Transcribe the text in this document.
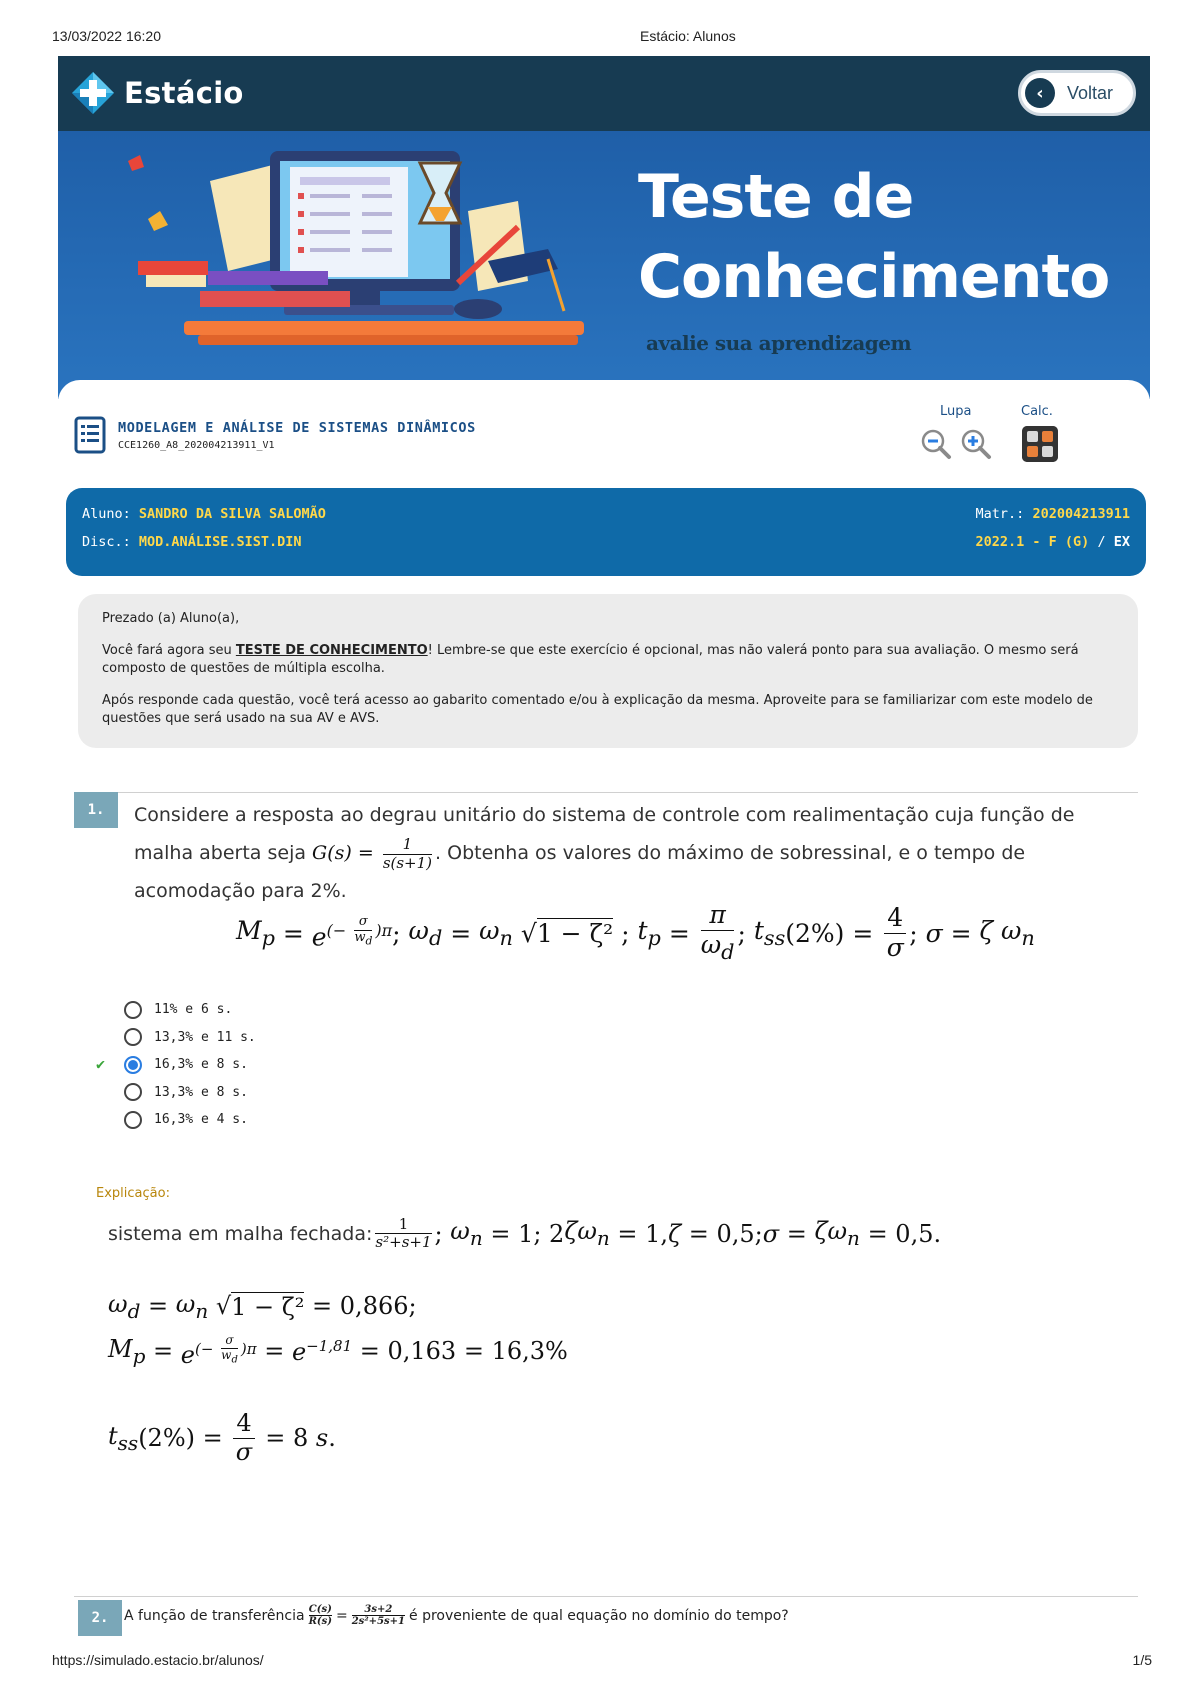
13/03/2022 16:20	Estácio: Alunos
Estácio	‹	Voltar
Teste de
Conhecimento
avalie sua aprendizagem
MODELAGEM E ANÁLISE DE SISTEMAS DINÂMICOS
CCE1260_A8_202004213911_V1
Lupa	Calc.
Aluno: SANDRO DA SILVA SALOMÃO	Matr.: 202004213911
Disc.: MOD.ANÁLISE.SIST.DIN	2022.1 - F (G) / EX

Prezado (a) Aluno(a),

Você fará agora seu TESTE DE CONHECIMENTO! Lembre-se que este exercício é opcional, mas não valerá ponto para sua avaliação. O mesmo será composto de questões de múltipla escolha.

Após responde cada questão, você terá acesso ao gabarito comentado e/ou à explicação da mesma. Aproveite para se familiarizar com este modelo de questões que será usado na sua AV e AVS.

1.	Considere a resposta ao degrau unitário do sistema de controle com realimentação cuja função de malha aberta seja $G(s) = \frac{1}{s(s+1)}$ . Obtenha os valores do máximo de sobressinal, e o tempo de acomodação para 2%.
$M_p = e^{(- \frac{\sigma}{w_d} )\pi}$ ; $\omega_d = \omega_n$ √ 1 − ζ² ; $t_p = \frac{\pi}{\omega_d}$ ; $t_{ss}$ $(2\%) = \frac{4}{\sigma}$ ; σ = ζ $\omega_n$
11% e 6 s.
13,3% e 11 s.
✔	16,3% e 8 s.
13,3% e 8 s.
16,3% e 4 s.
Explicação:
sistema em malha fechada: $\frac{1}{\text{s²+s+1}}$ ; $\omega_n = 1$; 2 $\zeta\omega_n = 1$, ζ = 0,5; $\sigma = \zeta\omega_n = 0,5$.
$\omega_d = \omega_n$ √ 1 − ζ² = 0,866;
$M_p = e^{(- \frac{\sigma}{w_d} )\pi} = e^{-1,81} = 0,163 = 16,3\%$
$t_{ss}$ $(2\%) = \frac{4}{\sigma} = 8$ s .
2.	A função de transferência $\frac{C(s)}{R(s)} = \frac{3s+2}{\text{2s²+5s+1}}$ é proveniente de qual equação no domínio do tempo?
https://simulado.estacio.br/alunos/	1/5
